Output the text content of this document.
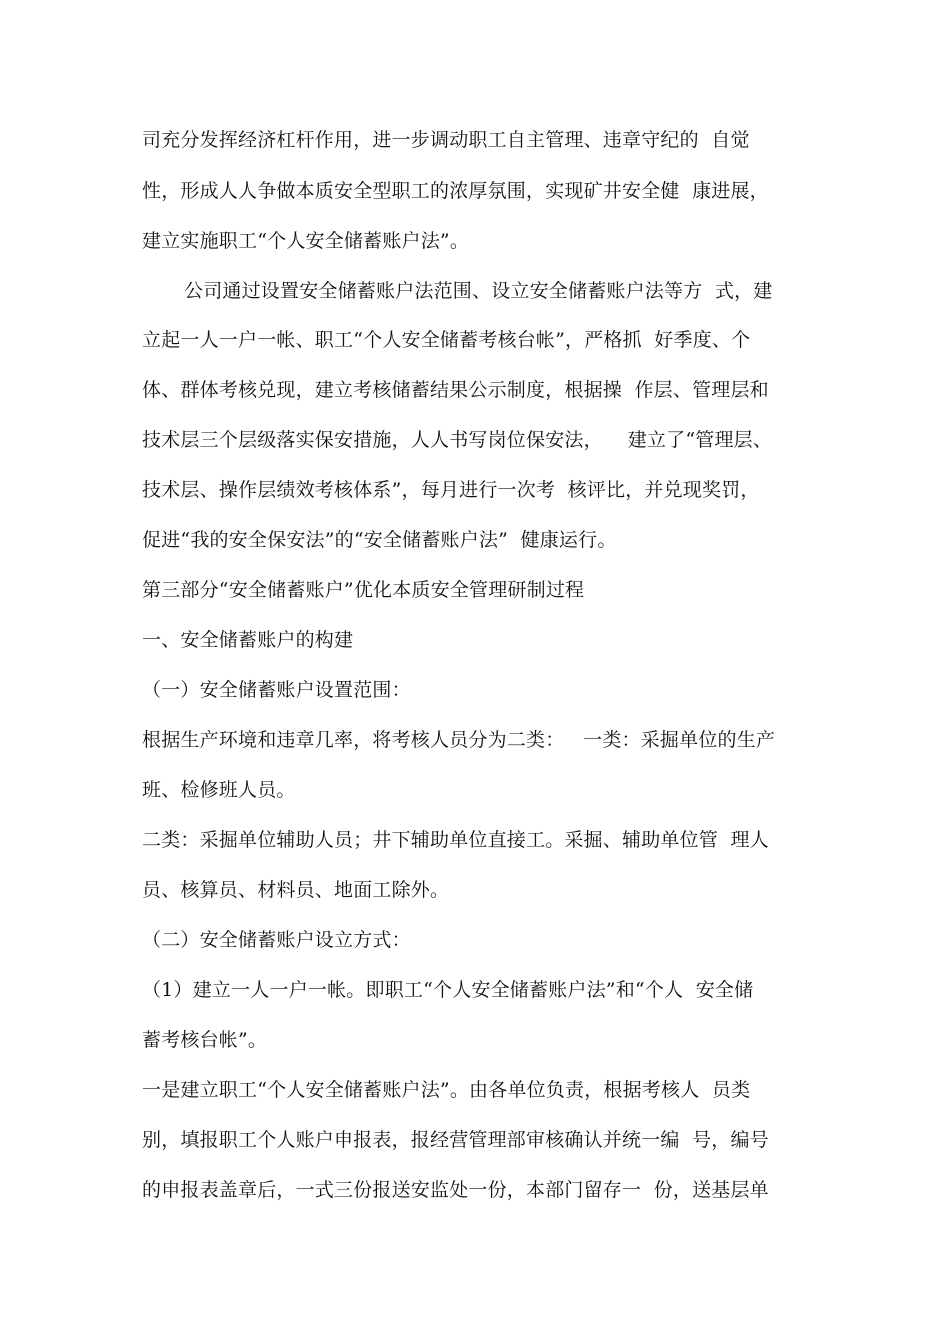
司充分发挥经济杠杆作用，进一步调动职工自主管理、违章守纪的  自觉
性，形成人人争做本质安全型职工的浓厚氛围，实现矿井安全健  康进展，
建立实施职工“个人安全储蓄账户法”。
公司通过设置安全储蓄账户法范围、设立安全储蓄账户法等方  式，建
立起一人一户一帐、职工“个人安全储蓄考核台帐”，严格抓  好季度、个
体、群体考核兑现，建立考核储蓄结果公示制度，根据操  作层、管理层和
技术层三个层级落实保安措施，人人书写岗位保安法，    建立了“管理层、
技术层、操作层绩效考核体系”，每月进行一次考  核评比，并兑现奖罚，
促进“我的安全保安法”的“安全储蓄账户法”  健康运行。
第三部分“安全储蓄账户”优化本质安全管理研制过程
一、安全储蓄账户的构建
（一）安全储蓄账户设置范围：
根据生产环境和违章几率，将考核人员分为二类：   一类：采掘单位的生产
班、检修班人员。
二类：采掘单位辅助人员；井下辅助单位直接工。采掘、辅助单位管  理人
员、核算员、材料员、地面工除外。
（二）安全储蓄账户设立方式：
（1）建立一人一户一帐。即职工“个人安全储蓄账户法”和“个人  安全储
蓄考核台帐”。
一是建立职工“个人安全储蓄账户法”。由各单位负责，根据考核人  员类
别，填报职工个人账户申报表，报经营管理部审核确认并统一编  号，编号
的申报表盖章后，一式三份报送安监处一份，本部门留存一  份，送基层单
